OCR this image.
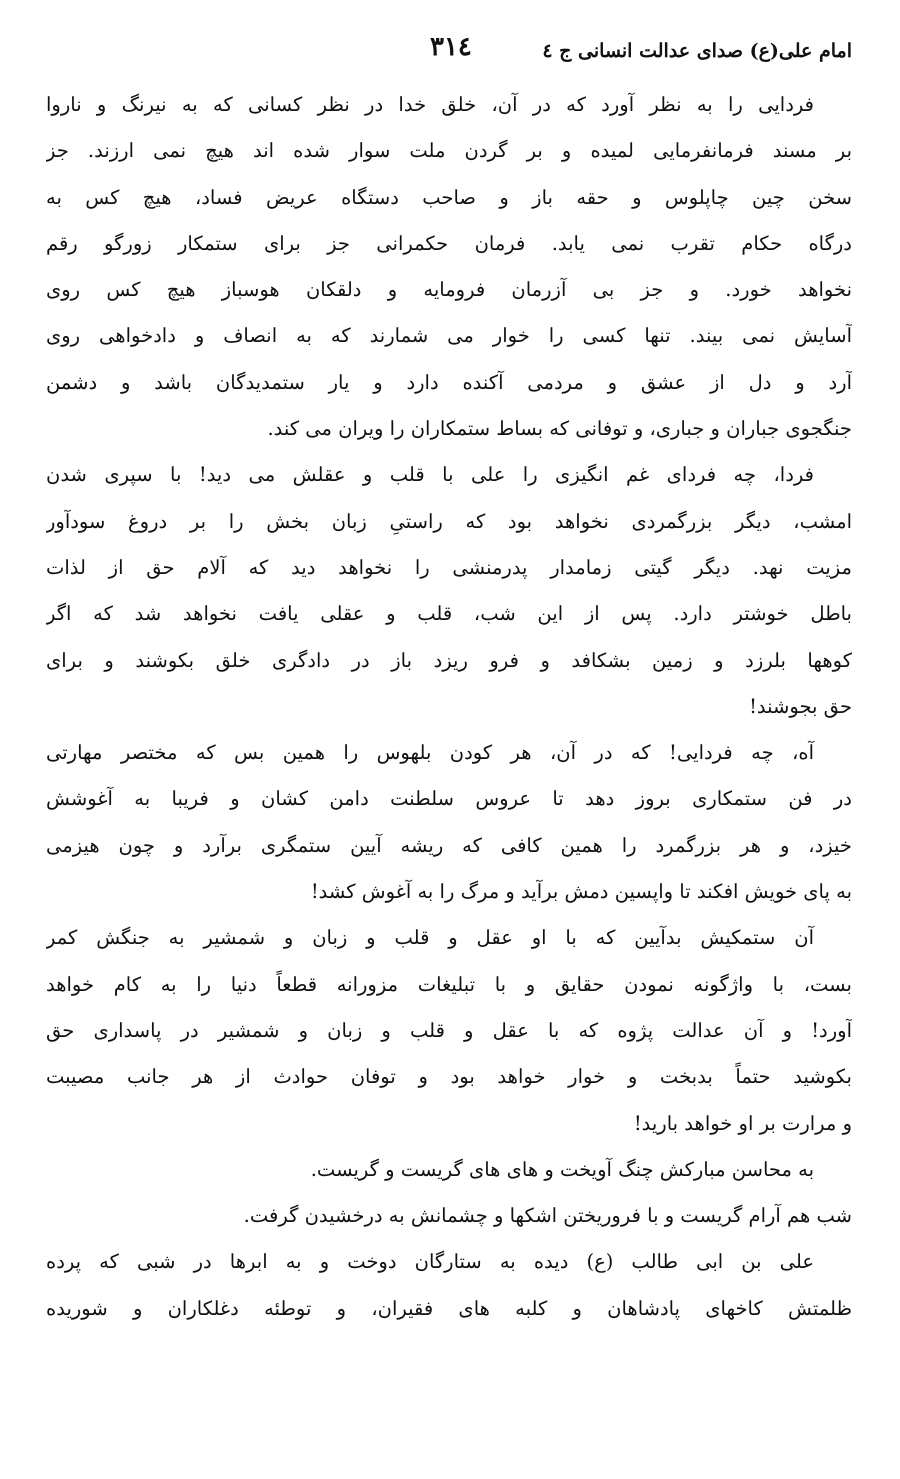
امام علی(ع) صدای عدالت انسانی ج ٤
٣١٤
فردایی را به نظر آورد که در آن، خلق خدا در نظر کسانی که به نیرنگ و ناروا
بر مسند فرمانفرمایی لمیده و بر گردن ملت سوار شده اند هیچ نمی ارزند. جز
سخن چین چاپلوس و حقه باز و صاحب دستگاه عریض فساد، هیچ کس به
درگاه حکام تقرب نمی یابد. فرمان حکمرانی جز برای ستمکار زورگو رقم
نخواهد خورد. و جز بی آزرمان فرومایه و دلقکان هوسباز هیچ کس روی
آسایش نمی بیند. تنها کسی را خوار می شمارند که به انصاف و دادخواهی روی
آرد و دل از عشق و مردمی آکنده دارد و یار ستمدیدگان باشد و دشمن
جنگجوی جباران و جباری، و توفانی که بساط ستمکاران را ویران می کند.
فردا، چه فردای غم انگیزی را علی با قلب و عقلش می دید! با سپری شدن
امشب، دیگر بزرگمردی نخواهد بود که راستیِ زبان بخش را بر دروغ سودآور
مزیت نهد. دیگر گیتی زمامدار پدرمنشی را نخواهد دید که آلام حق از لذات
باطل خوشتر دارد. پس از این شب، قلب و عقلی یافت نخواهد شد که اگر
کوهها بلرزد و زمین بشکافد و فرو ریزد باز در دادگری خلق بکوشند و برای
حق بجوشند!
آه، چه فردایی! که در آن، هر کودن بلهوس را همین بس که مختصر مهارتی
در فن ستمکاری بروز دهد تا عروس سلطنت دامن کشان و فریبا به آغوشش
خیزد، و هر بزرگمرد را همین کافی که ریشه آیین ستمگری برآرد و چون هیزمی
به پای خویش افکند تا واپسین دمش برآید و مرگ را به آغوش کشد!
آن ستمکیش بدآیین که با او عقل و قلب و زبان و شمشیر به جنگش کمر
بست، با واژگونه نمودن حقایق و با تبلیغات مزورانه قطعاً دنیا را به کام خواهد
آورد! و آن عدالت پژوه که با عقل و قلب و زبان و شمشیر در پاسداری حق
بکوشید حتماً بدبخت و خوار خواهد بود و توفان حوادث از هر جانب مصیبت
و مرارت بر او خواهد بارید!
به محاسن مبارکش چنگ آویخت و های های گریست و گریست.
شب هم آرام گریست و با فروریختن اشکها و چشمانش به درخشیدن گرفت.
علی بن ابی طالب (ع) دیده به ستارگان دوخت و به ابرها در شبی که پرده
ظلمتش کاخهای پادشاهان و کلبه های فقیران، و توطئه دغلکاران و شوریده
